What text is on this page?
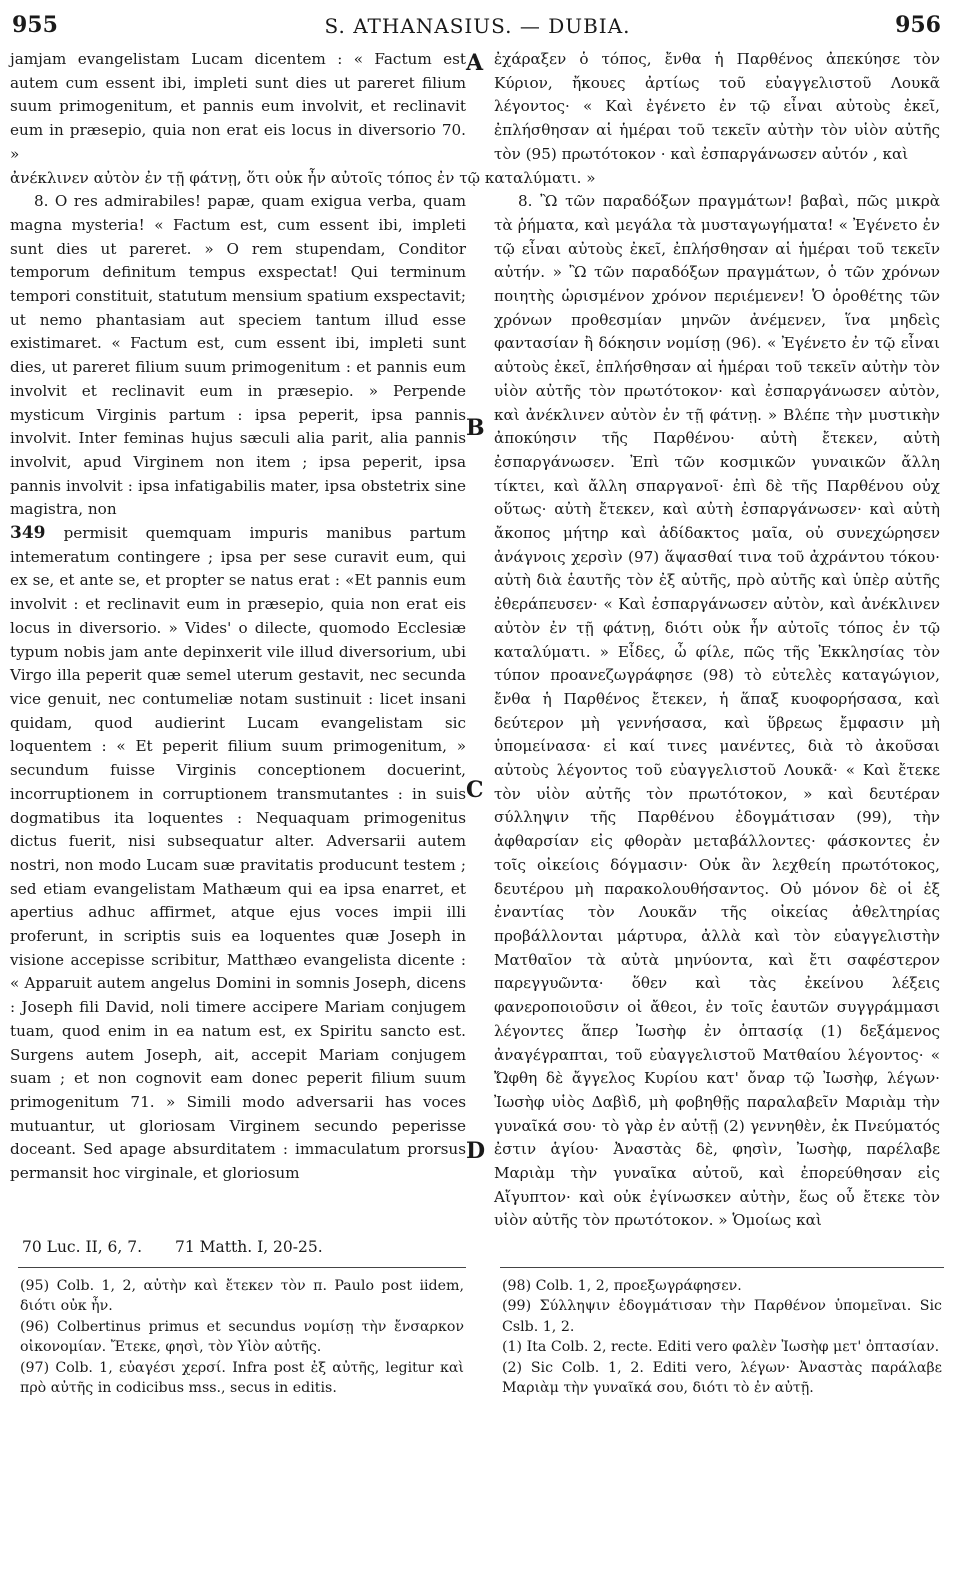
955	S. ATHANASIUS. — DUBIA.	956

jamjam evangelistam Lucam dicentem : « Factum est autem cum essent ibi, impleti sunt dies ut pareret filium suum primogenitum, et pannis eum involvit, et reclinavit eum in præsepio, quia non erat eis locus in diversorio 70. »

ἀνέκλινεν αὐτὸν ἐν τῇ φάτνῃ, ὅτι οὐκ ἦν αὐτοῖς τόπος ἐν τῷ καταλύματι. »

8. O res admirabiles! papæ, quam exigua verba, quam magna mysteria! « Factum est, cum essent ibi, impleti sunt dies ut pareret. » O rem stupendam, Conditor temporum definitum tempus exspectat! Qui terminum tempori constituit, statutum mensium spatium exspectavit; ut nemo phantasiam aut speciem tantum illud esse existimaret. « Factum est, cum essent ibi, impleti sunt dies, ut pareret filium suum primogenitum : et pannis eum involvit et reclinavit eum in præsepio. » Perpende mysticum Virginis partum : ipsa peperit, ipsa pannis involvit. Inter feminas hujus sæculi alia parit, alia pannis involvit, apud Virginem non item ; ipsa peperit, ipsa pannis involvit : ipsa infatigabilis mater, ipsa obstetrix sine magistra, non

349 permisit quemquam impuris manibus partum intemeratum contingere ; ipsa per sese curavit eum, qui ex se, et ante se, et propter se natus erat : «Et pannis eum involvit : et reclinavit eum in præsepio, quia non erat eis locus in diversorio. » Vides' o dilecte, quomodo Ecclesiæ typum nobis jam ante depinxerit vile illud diversorium, ubi Virgo illa peperit quæ semel uterum gestavit, nec secunda vice genuit, nec contumeliæ notam sustinuit : licet insani quidam, quod audierint Lucam evangelistam sic loquentem : « Et peperit filium suum primogenitum, » secundum fuisse Virginis conceptionem docuerint, incorruptionem in corruptionem transmutantes : in suis dogmatibus ita loquentes : Nequaquam primogenitus dictus fuerit, nisi subsequatur alter. Adversarii autem nostri, non modo Lucam suæ pravitatis producunt testem ; sed etiam evangelistam Mathæum qui ea ipsa enarret, et apertius adhuc affirmet, atque ejus voces impii illi proferunt, in scriptis suis ea loquentes quæ Joseph in visione accepisse scribitur, Matthæo evangelista dicente : « Apparuit autem angelus Domini in somnis Joseph, dicens : Joseph fili David, noli timere accipere Mariam conjugem tuam, quod enim in ea natum est, ex Spiritu sancto est. Surgens autem Joseph, ait, accepit Mariam conjugem suam ; et non cognovit eam donec peperit filium suum primogenitum 71. » Simili modo adversarii has voces mutuantur, ut gloriosam Virginem secundo peperisse doceant. Sed apage absurditatem : immaculatum prorsus permansit hoc virginale, et gloriosum

ἐχάραξεν ὁ τόπος, ἔνθα ἡ Παρθένος ἀπεκύησε τὸν Κύριον, ἤκουες ἀρτίως τοῦ εὐαγγελιστοῦ Λουκᾶ λέγοντος· « Καὶ ἐγένετο ἐν τῷ εἶναι αὐτοὺς ἐκεῖ, ἐπλήσθησαν αἱ ἡμέραι τοῦ τεκεῖν αὐτὴν τὸν υἱὸν αὐτῆς τὸν (95) πρωτότοκον · καὶ ἐσπαργάνωσεν αὐτόν , καὶ

8. Ὢ τῶν παραδόξων πραγμάτων! βαβαὶ, πῶς μικρὰ τὰ ῥήματα, καὶ μεγάλα τὰ μυσταγωγήματα! « Ἐγένετο ἐν τῷ εἶναι αὐτοὺς ἐκεῖ, ἐπλήσθησαν αἱ ἡμέραι τοῦ τεκεῖν αὐτήν. » Ὢ τῶν παραδόξων πραγμάτων, ὁ τῶν χρόνων ποιητὴς ὡρισμένον χρόνον περιέμενεν! Ὁ ὁροθέτης τῶν χρόνων προθεσμίαν μηνῶν ἀνέμενεν, ἵνα μηδεὶς φαντασίαν ἢ δόκησιν νομίσῃ (96). « Ἐγένετο ἐν τῷ εἶναι αὐτοὺς ἐκεῖ, ἐπλήσθησαν αἱ ἡμέραι τοῦ τεκεῖν αὐτὴν τὸν υἱὸν αὐτῆς τὸν πρωτότοκον· καὶ ἐσπαργάνωσεν αὐτὸν, καὶ ἀνέκλινεν αὐτὸν ἐν τῇ φάτνῃ. » Βλέπε τὴν μυστικὴν ἀποκύησιν τῆς Παρθένου· αὐτὴ ἔτεκεν, αὐτὴ ἐσπαργάνωσεν. Ἐπὶ τῶν κοσμικῶν γυναικῶν ἄλλη τίκτει, καὶ ἄλλη σπαργανοῖ· ἐπὶ δὲ τῆς Παρθένου οὐχ οὕτως· αὐτὴ ἔτεκεν, καὶ αὐτὴ ἐσπαργάνωσεν· καὶ αὐτὴ ἄκοπος μήτηρ καὶ ἀδίδακτος μαῖα, οὐ συνεχώρησεν ἀνάγνοις χερσὶν (97) ἅψασθαί τινα τοῦ ἀχράντου τόκου· αὐτὴ διὰ ἑαυτῆς τὸν ἐξ αὐτῆς, πρὸ αὐτῆς καὶ ὑπὲρ αὐτῆς ἐθεράπευσεν· « Καὶ ἐσπαργάνωσεν αὐτὸν, καὶ ἀνέκλινεν αὐτὸν ἐν τῇ φάτνῃ, διότι οὐκ ἦν αὐτοῖς τόπος ἐν τῷ καταλύματι. » Εἶδες, ὦ φίλε, πῶς τῆς Ἐκκλησίας τὸν τύπον προανεζωγράφησε (98) τὸ εὐτελὲς καταγώγιον, ἔνθα ἡ Παρθένος ἔτεκεν, ἡ ἅπαξ κυοφορήσασα, καὶ δεύτερον μὴ γεννήσασα, καὶ ὕβρεως ἔμφασιν μὴ ὑπομείνασα· εἰ καί τινες μανέντες, διὰ τὸ ἀκοῦσαι αὐτοὺς λέγοντος τοῦ εὐαγγελιστοῦ Λουκᾶ· « Καὶ ἔτεκε τὸν υἱὸν αὐτῆς τὸν πρωτότοκον, » καὶ δευτέραν σύλληψιν τῆς Παρθένου ἐδογμάτισαν (99), τὴν ἀφθαρσίαν εἰς φθορὰν μεταβάλλοντες· φάσκοντες ἐν τοῖς οἰκείοις δόγμασιν· Οὐκ ἂν λεχθείη πρωτότοκος, δευτέρου μὴ παρακολουθήσαντος. Οὐ μόνον δὲ οἱ ἐξ ἐναντίας τὸν Λουκᾶν τῆς οἰκείας ἀθελτηρίας προβάλλονται μάρτυρα, ἀλλὰ καὶ τὸν εὐαγγελιστὴν Ματθαῖον τὰ αὐτὰ μηνύοντα, καὶ ἔτι σαφέστερον παρεγγυῶντα· ὅθεν καὶ τὰς ἐκείνου λέξεις φανεροποιοῦσιν οἱ ἄθεοι, ἐν τοῖς ἑαυτῶν συγγράμμασι λέγοντες ἅπερ Ἰωσὴφ ἐν ὀπτασίᾳ (1) δεξάμενος ἀναγέγραπται, τοῦ εὐαγγελιστοῦ Ματθαίου λέγοντος· « Ὤφθη δὲ ἄγγελος Κυρίου κατ' ὄναρ τῷ Ἰωσὴφ, λέγων· Ἰωσὴφ υἱὸς Δαβὶδ, μὴ φοβηθῇς παραλαβεῖν Μαριὰμ τὴν γυναῖκά σου· τὸ γὰρ ἐν αὐτῇ (2) γεννηθὲν, ἐκ Πνεύματός ἐστιν ἁγίου· Ἀναστὰς δὲ, φησὶν, Ἰωσὴφ, παρέλαβε Μαριὰμ τὴν γυναῖκα αὐτοῦ, καὶ ἐπορεύθησαν εἰς Αἴγυπτον· καὶ οὐκ ἐγίνωσκεν αὐτὴν, ἕως οὗ ἔτεκε τὸν υἱὸν αὐτῆς τὸν πρωτότοκον. » Ὁμοίως καὶ

A
B
C
D
70 Luc. II, 6, 7. 71 Matth. I, 20-25.

(95) Colb. 1, 2, αὐτὴν καὶ ἔτεκεν τὸν π. Paulo post iidem, διότι οὐκ ἦν.

(96) Colbertinus primus et secundus νομίσῃ τὴν ἔνσαρκον οἰκονομίαν. Ἔτεκε, φησὶ, τὸν Υἱὸν αὐτῆς.

(97) Colb. 1, εὐαγέσι χερσί. Infra post ἐξ αὐτῆς, legitur καὶ πρὸ αὐτῆς in codicibus mss., secus in editis.

(98) Colb. 1, 2, προεξωγράφησεν.

(99) Σύλληψιν ἐδογμάτισαν τὴν Παρθένον ὑπομεῖναι. Sic Cslb. 1, 2.

(1) Ita Colb. 2, recte. Editi vero φαλὲν Ἰωσὴφ μετ' ὀπτασίαν.

(2) Sic Colb. 1, 2. Editi vero, λέγων· Ἀναστὰς παράλαβε Μαριὰμ τὴν γυναῖκά σου, διότι τὸ ἐν αὐτῇ.
